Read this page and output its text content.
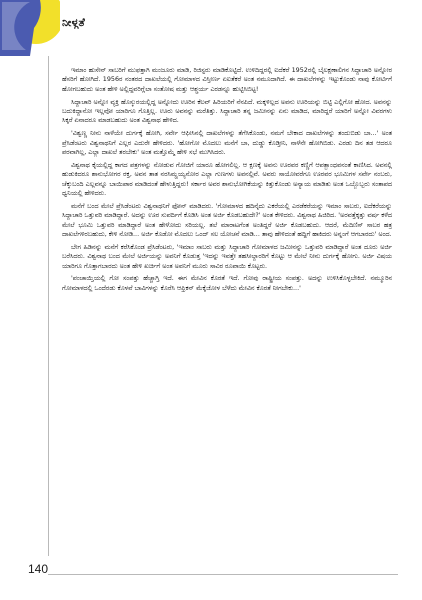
ನೀಳ್ಗತೆ

ಇಮಾಂ ಹುಸೇನ್ ಸಾಬರಿಗೆ ಮುಫತ್ತಾಗಿ ಮಂಜೂರು ಮಾಡಿ, ರಿಜಿಸ್ಟರು ಮಾಡಿಕೊಟ್ಟಿದೆ. ಉಳಿದಿದ್ದರಲ್ಲಿ ಐದೆಕರೆ 1952ರಲ್ಲಿ ಬೈಲಕ್ಷಣಾಲಿಗನ ಸಿದ್ದಾಚಾರಿ ಅನ್ನೋರ ಹೆಸರಿಗೆ ಹೋಗಿದೆ. 1956ರ ನಂತರದ ದಾಖಲೆಯಲ್ಲಿ ಗೋಮಾಳದ ವಿಸ್ತೀರ್ಣ ಏಐತೆಕರೆ ಅಂತ ನಮೂದಾಗಿದೆ. ಈ ದಾಖಲೆಗಳನ್ನು ಇಟ್ಟುಕೊಂಡು ನಾವು ಕೋರ್ಟಿಗೆ ಹೋಗಬಹುದು ಅಂತ ಹೇಳಿ ಅಲ್ಲಿದ್ದವರಿಗ್ಲೆಲಾ ಸಂತೋಷ ಮತ್ತು ಆಶ್ಚರ್ಯ ಎರಡನ್ನೂ ಹುಟ್ಟಿಸಿಬಿಟ್ಟ!

ಸಿದ್ದಾಚಾರಿ ಅನ್ನೋ ವ್ಯಕ್ತಿ ಹೊಸ್ಕುರಯಲ್ಲಿದ್ದ ಅನ್ನೋದು ಊರಿನ ಕೆಲವ್ ಹಿರಿಯರಿಗೆ ನೆನಪಿದೆ. ಮಕ್ಕಳಿಲ್ಲದ ಅವನು ಊರಿಯನ್ನು ಬಿಟ್ಟಿ ಎಲ್ಲಿಗೋ ಹೋದ. ಅವನನ್ನು ಬದುಕಿದ್ದಾನೋ ಇಲ್ಲವೋ ಯಾರಿಗೂ ಗೊತ್ತಿಲ್ಲ. ಊರು ಅವನನ್ನು ಮರೆತಿತ್ತು. ಸಿದ್ದಾಚಾರಿ ತನ್ನ ಜಮೀನನ್ನು ಏನು ಮಾಡಿದ, ಮಾರಿದ್ದರೆ ಯಾರಿಗೆ ಅನ್ನೋ ವಿವರಗಳು ಸಿಕ್ಕರೆ ಏನಾದರೂ ಮಾಡಬಹುದು ಅಂತ ವಿಶ್ವನಾಥ ಹೇಳಿದ.

'ವಿಶ್ವಣ್ಣ ನೀನು ನಾಳೆಯೇ ದುರ್ಗಕ್ಕೆ ಹೋಗಿ, ಸರ್ವೇ ಆಫೀಸಿನಲ್ಲಿ ದಾಖಲೆಗಳನ್ನು ತೆಗೆಸಿಕೊಂಡು, ನಮಗೆ ಬೇಕಾದ ದಾಖಲೆಗಳನ್ನು ತಂದುಬಿಡು ಬಾ...' ಅಂತ ಪ್ರೆಸಿಡೆಂಟರು ವಿಶ್ವನಾಥನಿಗೆ ಎಲ್ಲರ ಎದುರೇ ಹೇಳಿದರು. 'ಹೋಗೋ ಮೊದಲು ಮನೆಗೆ ಬಾ, ದುಡ್ಡು ಕೊಡ್ತೀನಿ, ನಾಳೆನೇ ಹೋಗಿಬಿಡು. ಎರಡು ದಿನ ತಡ ಆದರೂ ಪರವಾಗಿಲ್ಲ, ಎಲ್ಲಾ ದಾಖಲೆ ತರಬೇಕು' ಅಂತ ಮತ್ತೊಮ್ಮೆ ಹೇಳಿ ಸಭೆ ಮುಗಿಸಿದರು.

ವಿಶ್ವನಾಥ ಕೈಯಲ್ಲಿದ್ದ ಕಾಗದ ಪತ್ರಗಳನ್ನು ನೋಡುವ ಗೋಜಿಗೆ ಯಾರೂ ಹೋಗಲಿಲ್ಲ. ಆ ಕ್ಷಣಕ್ಕೆ ಅವನು ಊರವರ ಕಣ್ಣಿಗೆ ಆಪತ್ಬಾಂಧವನಂತೆ ಕಾಣಿಸಿದ. ಅವನಲ್ಲಿ ಹುಡುಕಿದರೂ ಶಾನುಭೋಗರ ರಕ್ತ, ಅವನ ತಾತ ನರಸಿಮ್ಹಯ್ಯನೋರ ಎಲ್ಲಾ ಗುಣಗಳು ಅವನಲ್ಲಿವೆ. ಅವರು ಸಾಯೋವರೆಗೂ ಊರವರ ಭೂಮಿಗಳ ಸರ್ವೇ ನಂಬರು, ಚೆಕ್ಕುಬಂದಿ ಎಲ್ಲವನ್ನೂ ಬಾಯಿಪಾಠ ಮಾಡಿದಂತೆ ಹೇಳುತ್ತಿದ್ದರು! ಸರ್ಕಾರ ಅವರ ಶಾನುಭೋಗಿಕೆಯನ್ನು ಕಿತ್ತುಕೊಂಡು ಅನ್ಯಾಯ ಮಾಡಿತು ಅಂತ ಒಬ್ಬೊಬ್ಬರು ಸಂತಾಪದ ಧ್ವನಿಯಲ್ಲಿ ಹೇಳಿದರು.

ಮನೆಗೆ ಬಂದ ಮೇಲೆ ಪ್ರೆಸಿಡೆಂಟರು ವಿಶ್ವನಾಥನಿಗೆ ಫೋನ್ ಮಾಡಿದರು. 'ಗೋಮಾಳದ ಹದಿನೈದು ಎಕರೆಯಲ್ಲಿ ಎರಡೆಕರೆಯನ್ನು ಇಮಾಂ ಸಾಬರು, ಐದೆಕರೆಯನ್ನು ಸಿದ್ದಾಚಾರಿ ಒತ್ತುವರಿ ಮಾಡಿದ್ದಾರೆ. ಅದನ್ನು ಊರ ಸುಪರ್ದಿಗೆ ಕೊಡಿಸಿ ಅಂತ ಅರ್ಜಿ ಕೊಡಬಹುದೇ?' ಅಂತ ಕೇಳಿದರು. ವಿಶ್ವನಾಥ ಹಿಜಿರಿದ. 'ಅರವತ್ತೆಕ್ಕತ್ತು ವರ್ಷ ಕಳೆದ ಮೇಲೆ ಭೂಮಿ ಒತ್ತುವರಿ ಮಾಡಿದ್ದಾರೆ ಅಂತ ಹೇಳೋದು ಸರಿಯಲ್ಲ. ತಲೆ ಮಾರಾಟಗೆಂತ ಅಂತಿದ್ದರೆ ಅರ್ಜಿ ಕೊಡಬಹುದು. ಆದರೆ, ಮೆದಿಣಿಸ್ ಸಾಬರ ಹತ್ರ ದಾಖಲೆಗಳಿರಬಹುದು, ಕೇಳಿ ನೋಡಿ... ಅರ್ಜಿ ಕೊಡೋ ಮೊದಲು ಒಂದ್ ಸಲ ಯೋಚನೆ ಮಾಡಿ... ತಾವು ಹೇಳಿದಂತೆ ಹದ್ದಿಗೆ ಹಾಕಿದರು ಅನ್ನಂಗೆ ಆಗಬಾರದು' ಅಂದ.

ಬೇಗ ಹಿಡಿನನ್ನು ಮನೆಗೆ ಕರೆಸಿಕೊಂಡ ಪ್ರೆಸಿಡೆಂಟರು, 'ಇಮಾಂ ಸಾಬರು ಮತ್ತು ಸಿದ್ದಾಚಾರಿ ಗೋಮಾಳದ ಜಮೀನನ್ನು ಒತ್ತುವರಿ ಮಾಡಿದ್ದಾರೆ ಅಂತ ದೂರು ಅರ್ಜಿ ಬರೆಸಿದರು. ವಿಶ್ವನಾಥ ಬಂದ ಮೇಲೆ ಅರ್ಜಿಯನ್ನು ಅವನಿಗೆ ಕೊಡುತ್ತ 'ಇದನ್ನು ಇವತ್ತೇ ತಹಸೀಲ್ದಾರರಿಗೆ ಕೊಟ್ಟು ಆ ಮೇಲೆ ನೀನು ದುರ್ಗಕ್ಕೆ ಹೋಗು. ಅರ್ಜಿ ವಿಷಯ ಯಾರಿಗೂ ಗೊತ್ತಾಗಬಾರದು ಅಂತ ಹೇಳಿ ಖರ್ಚಿಗೆ ಅಂತ ಅವನಿಗೆ ಮೂರು ಸಾವಿರ ರೂಪಾಯಿ ಕೊಟ್ಟರು.

'ಪಂಚಾಯ್ತಿಯಲ್ಲಿ ಗೋ ಸಂಪತ್ತು ಹೆಚ್ಚಾಗ್ತಿ ಇದೆ. ಈಗ ಮೇವಿನ ಕೊರತೆ ಇದೆ. ಗೋವು ರಾಷ್ಟ್ರೀಯ ಸಂಪತ್ತು. ಅದನ್ನು ಉಳಿಸಿಕೊಳ್ಳಬೇಕಿದೆ. ನಮ್ಮೂರಿನ ಗೋಮಾಳದಲ್ಲಿ ಒಂದೆರಡು ಕೊಳವೆ ಬಾವಿಗಳನ್ನು ಕೊರೆಸಿ ಆಫ್ರಿಕನ್ ಮೆಕ್ಕೆಜೋಳ ಬೆಳೆದು ಮೇವಿನ ಕೊರತೆ ನೀಗಬೇಕು...'

140
